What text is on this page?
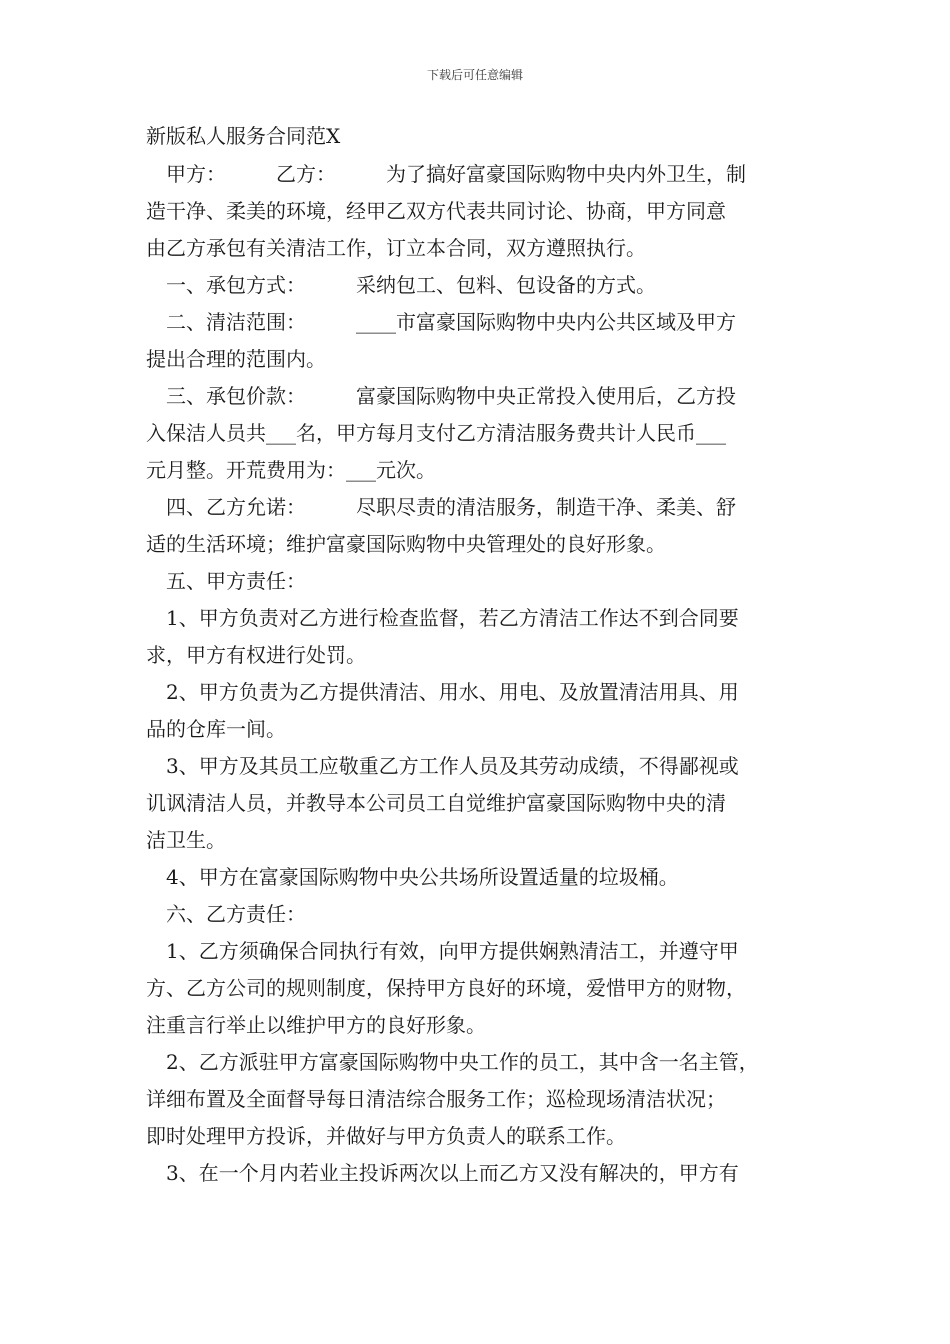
下载后可任意编辑
新版私人服务合同范Ⅹ

甲方：　　　乙方：　　　为了搞好富豪国际购物中央内外卫生，制
造干净、柔美的环境，经甲乙双方代表共同讨论、协商，甲方同意
由乙方承包有关清洁工作，订立本合同，双方遵照执行。

一、承包方式：　　　采纳包工、包料、包设备的方式。

二、清洁范围：　　　____市富豪国际购物中央内公共区域及甲方
提出合理的范围内。

三、承包价款：　　　富豪国际购物中央正常投入使用后，乙方投
入保洁人员共___名，甲方每月支付乙方清洁服务费共计人民币___
元月整。开荒费用为：___元次。

四、乙方允诺：　　　尽职尽责的清洁服务，制造干净、柔美、舒
适的生活环境；维护富豪国际购物中央管理处的良好形象。

五、甲方责任：

1、甲方负责对乙方进行检查监督，若乙方清洁工作达不到合同要
求，甲方有权进行处罚。

2、甲方负责为乙方提供清洁、用水、用电、及放置清洁用具、用
品的仓库一间。

3、甲方及其员工应敬重乙方工作人员及其劳动成绩，不得鄙视或
讥讽清洁人员，并教导本公司员工自觉维护富豪国际购物中央的清
洁卫生。

4、甲方在富豪国际购物中央公共场所设置适量的垃圾桶。

六、乙方责任：

1、乙方须确保合同执行有效，向甲方提供娴熟清洁工，并遵守甲
方、乙方公司的规则制度，保持甲方良好的环境，爱惜甲方的财物，
注重言行举止以维护甲方的良好形象。

2、乙方派驻甲方富豪国际购物中央工作的员工，其中含一名主管，
详细布置及全面督导每日清洁综合服务工作；巡检现场清洁状况；
即时处理甲方投诉，并做好与甲方负责人的联系工作。

3、在一个月内若业主投诉两次以上而乙方又没有解决的，甲方有
